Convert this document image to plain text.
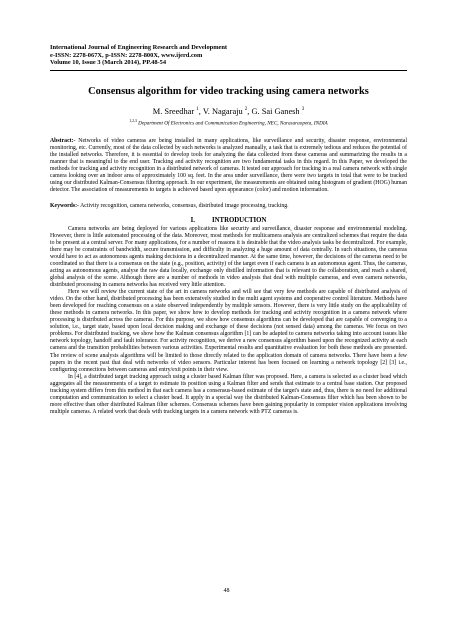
International Journal of Engineering Research and Development
e-ISSN: 2278-067X, p-ISSN: 2278-800X, www.ijerd.com
Volume 10, Issue 3 (March 2014), PP.48-54
Consensus algorithm for video tracking using camera networks
M. Sreedhar $^1$, V. Nagaraju $^2$, G. Sai Ganesh $^3$
$^{1,2,3}$ Department Of Electronics and Communication Engineering, NEC, Narasaraopeta, INDIA
Abstract:- Networks of video cameras are being installed in many applications, like surveillance and security, disaster response, environmental monitoring, etc. Currently, most of the data collected by such networks is analyzed manually, a task that is extremely tedious and reduces the potential of the installed networks. Therefore, it is essential to develop tools for analyzing the data collected from these cameras and summarizing the results in a manner that is meaningful to the end user. Tracking and activity recognition are two fundamental tasks in this regard. In this Paper, we developed the methods for tracking and activity recognition in a distributed network of cameras. It tested our approach for tracking in a real camera network with single camera looking over an indoor area of approximately 100 sq. feet. In the area under surveillance, there were two targets in total that were to be tracked using our distributed Kalman-Consensus filtering approach. In our experiment, the measurements are obtained using histogram of gradient (HOG) human detector. The association of measurements to targets is achieved based upon appearance (color) and motion information.
Keywords:- Activity recognition, camera networks, consensus, distributed image processing, tracking.
I.          INTRODUCTION

Camera networks are being deployed for various applications like security and surveillance, disaster response and environmental modeling. However, there is little automated processing of the data. Moreover, most methods for multicamera analysis are centralized schemes that require the data to be present at a central server. For many applications, for a number of reasons it is desirable that the video analysis tasks be decentralized. For example, there may be constraints of bandwidth, secure transmission, and difficulty in analyzing a huge amount of data centrally. In such situations, the cameras would have to act as autonomous agents making decisions in a decentralized manner. At the same time, however, the decisions of the cameras need to be coordinated so that there is a consensus on the state (e.g., position, activity) of the target even if each camera is an autonomous agent. Thus, the cameras, acting as autonomous agents, analyse the raw data locally, exchange only distilled information that is relevant to the collaboration, and reach a shared, global analysis of the scene. Although there are a number of methods in video analysis that deal with multiple cameras, and even camera networks, distributed processing in camera networks has received very little attention.

Here we will review the current state of the art in camera networks and will see that very few methods are capable of distributed analysis of video. On the other hand, distributed processing has been extensively studied in the multi agent systems and cooperative control literature. Methods have been developed for reaching consensus on a state observed independently by multiple sensors. However, there is very little study on the applicability of these methods in camera networks. In this paper, we show how to develop methods for tracking and activity recognition in a camera network where processing is distributed across the cameras. For this purpose, we show how consensus algorithms can be developed that are capable of converging to a solution, i.e., target state, based upon local decision making and exchange of these decisions (not sensed data) among the cameras. We focus on two problems. For distributed tracking, we show how the Kalman consensus algorithm [1] can be adapted to camera networks taking into account issues like network topology, handoff and fault tolerance. For activity recognition, we derive a new consensus algorithm based upon the recognized activity at each camera and the transition probabilities between various activities. Experimental results and quantitative evaluation for both these methods are presented. The review of scene analysis algorithms will be limited to those directly related to the application domain of camera networks. There have been a few papers in the recent past that deal with networks of video sensors. Particular interest has been focused on learning a network topology [2] [3] i.e., configuring connections between cameras and entry/exit points in their view.

In [4], a distributed target tracking approach using a cluster based Kalman filter was proposed. Here, a camera is selected as a cluster head which aggregates all the measurements of a target to estimate its position using a Kalman filter and sends that estimate to a central base station. Our proposed tracking system differs from this method in that each camera has a consensus-based estimate of the target's state and, thus, there is no need for additional computation and communication to select a cluster head. It apply in a special way the distributed Kalman-Consensus filter which has been shown to be more effective than other distributed Kalman filter schemes. Consensus schemes have been gaining popularity in computer vision applications involving multiple cameras. A related work that deals with tracking targets in a camera network with PTZ cameras is.

48
